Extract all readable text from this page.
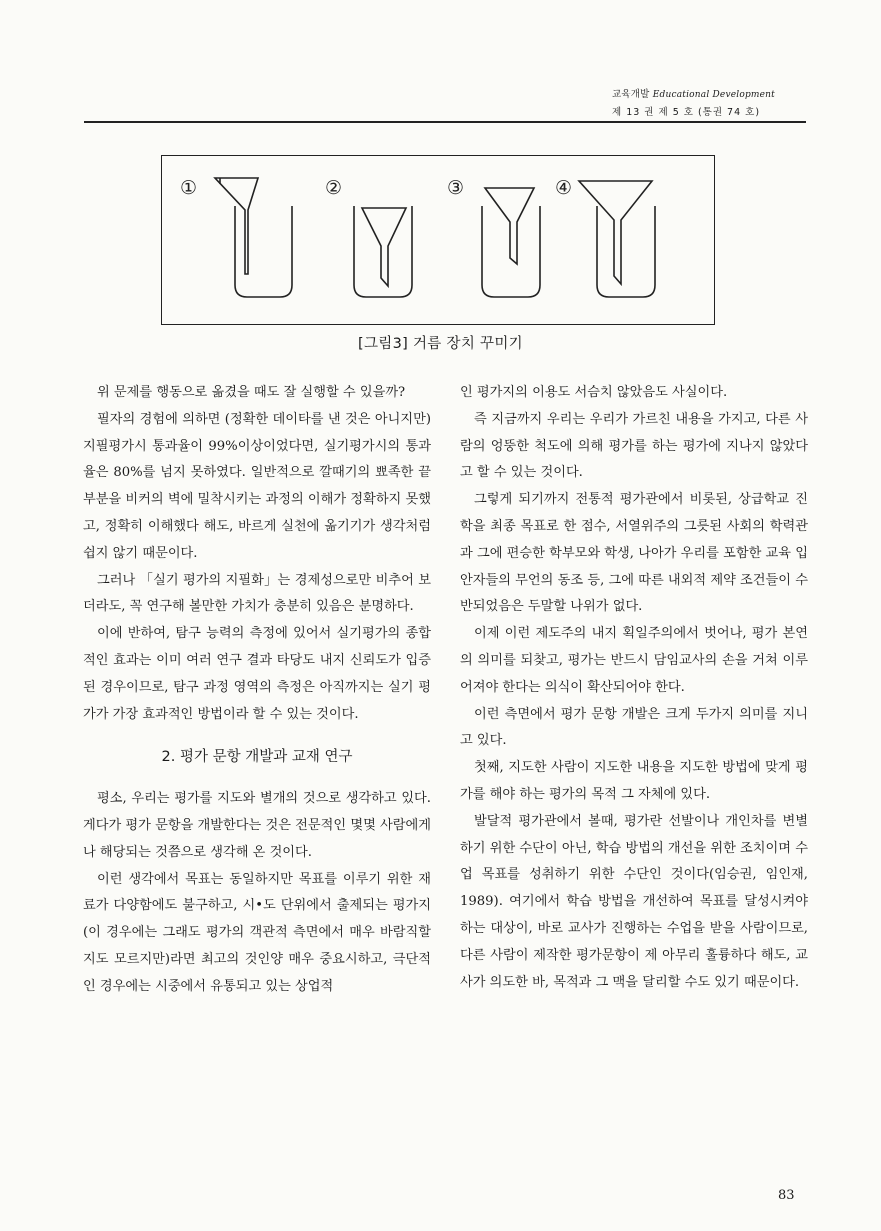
교육개발 Educational Development
제 13 권 제 5 호 (통권 74 호)
①	②	③	④
[그림3] 거름 장치 꾸미기

위 문제를 행동으로 옮겼을 때도 잘 실행할 수 있을까?

필자의 경험에 의하면 (정확한 데이타를 낸 것은 아니지만) 지필평가시 통과율이 99%이상이었다면, 실기평가시의 통과율은 80%를 넘지 못하였다. 일반적으로 깔때기의 뾰족한 끝부분을 비커의 벽에 밀착시키는 과정의 이해가 정확하지 못했고, 정확히 이해했다 해도, 바르게 실천에 옮기기가 생각처럼 쉽지 않기 때문이다.

그러나 「실기 평가의 지필화」는 경제성으로만 비추어 보더라도, 꼭 연구해 볼만한 가치가 충분히 있음은 분명하다.

이에 반하여, 탐구 능력의 측정에 있어서 실기평가의 종합적인 효과는 이미 여러 연구 결과 타당도 내지 신뢰도가 입증된 경우이므로, 탐구 과정 영역의 측정은 아직까지는 실기 평가가 가장 효과적인 방법이라 할 수 있는 것이다.

2. 평가 문항 개발과 교재 연구

평소, 우리는 평가를 지도와 별개의 것으로 생각하고 있다. 게다가 평가 문항을 개발한다는 것은 전문적인 몇몇 사람에게나 해당되는 것쯤으로 생각해 온 것이다.

이런 생각에서 목표는 동일하지만 목표를 이루기 위한 재료가 다양함에도 불구하고, 시•도 단위에서 출제되는 평가지(이 경우에는 그래도 평가의 객관적 측면에서 매우 바람직할 지도 모르지만)라면 최고의 것인양 매우 중요시하고, 극단적인 경우에는 시중에서 유통되고 있는 상업적

인 평가지의 이용도 서슴치 않았음도 사실이다.

즉 지금까지 우리는 우리가 가르친 내용을 가지고, 다른 사람의 엉뚱한 척도에 의해 평가를 하는 평가에 지나지 않았다고 할 수 있는 것이다.

그렇게 되기까지 전통적 평가관에서 비롯된, 상급학교 진학을 최종 목표로 한 점수, 서열위주의 그릇된 사회의 학력관과 그에 편승한 학부모와 학생, 나아가 우리를 포함한 교육 입안자들의 무언의 동조 등, 그에 따른 내외적 제약 조건들이 수반되었음은 두말할 나위가 없다.

이제 이런 제도주의 내지 획일주의에서 벗어나, 평가 본연의 의미를 되찾고, 평가는 반드시 담임교사의 손을 거쳐 이루어져야 한다는 의식이 확산되어야 한다.

이런 측면에서 평가 문항 개발은 크게 두가지 의미를 지니고 있다.

첫째, 지도한 사람이 지도한 내용을 지도한 방법에 맞게 평가를 해야 하는 평가의 목적 그 자체에 있다.

발달적 평가관에서 볼때, 평가란 선발이나 개인차를 변별하기 위한 수단이 아닌, 학습 방법의 개선을 위한 조치이며 수업 목표를 성취하기 위한 수단인 것이다(임승권, 임인재, 1989). 여기에서 학습 방법을 개선하여 목표를 달성시켜야 하는 대상이, 바로 교사가 진행하는 수업을 받을 사람이므로, 다른 사람이 제작한 평가문항이 제 아무리 훌륭하다 해도, 교사가 의도한 바, 목적과 그 맥을 달리할 수도 있기 때문이다.

83
